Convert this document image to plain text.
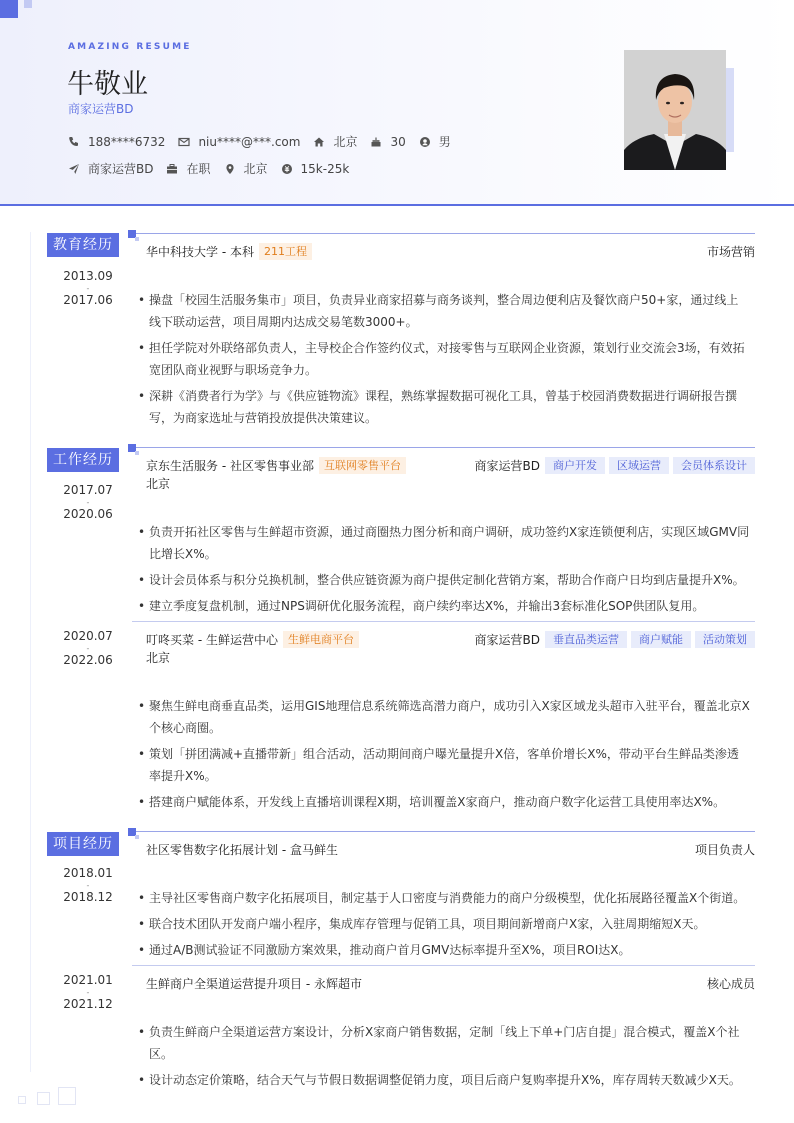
AMAZING RESUME
牛敬业
商家运营BD
188****6732	niu****@***.com	北京	30	男
商家运营BD	在职	北京	15k-25k
教育经历
2013.09
-
2017.06
华中科技大学 - 本科 211工程	市场营销
• 操盘「校园生活服务集市」项目，负责异业商家招募与商务谈判，整合周边便利店及餐饮商户50+家，通过线上线下联动运营，项目周期内达成交易笔数3000+。
• 担任学院对外联络部负责人，主导校企合作签约仪式，对接零售与互联网企业资源，策划行业交流会3场，有效拓宽团队商业视野与职场竞争力。
• 深耕《消费者行为学》与《供应链物流》课程，熟练掌握数据可视化工具，曾基于校园消费数据进行调研报告撰写，为商家选址与营销投放提供决策建议。
工作经历
2017.07
-
2020.06
京东生活服务 - 社区零售事业部 互联网零售平台	商家运营BD	商户开发	区域运营	会员体系设计
北京
• 负责开拓社区零售与生鲜超市资源，通过商圈热力图分析和商户调研，成功签约X家连锁便利店，实现区域GMV同比增长X%。
• 设计会员体系与积分兑换机制，整合供应链资源为商户提供定制化营销方案，帮助合作商户日均到店量提升X%。
• 建立季度复盘机制，通过NPS调研优化服务流程，商户续约率达X%，并输出3套标准化SOP供团队复用。
2020.07
-
2022.06
叮咚买菜 - 生鲜运营中心 生鲜电商平台	商家运营BD	垂直品类运营	商户赋能	活动策划
北京
• 聚焦生鲜电商垂直品类，运用GIS地理信息系统筛选高潜力商户，成功引入X家区域龙头超市入驻平台，覆盖北京X个核心商圈。
• 策划「拼团满减+直播带新」组合活动，活动期间商户曝光量提升X倍，客单价增长X%，带动平台生鲜品类渗透率提升X%。
• 搭建商户赋能体系，开发线上直播培训课程X期，培训覆盖X家商户，推动商户数字化运营工具使用率达X%。
项目经历
2018.01
-
2018.12
社区零售数字化拓展计划 - 盒马鲜生	项目负责人
• 主导社区零售商户数字化拓展项目，制定基于人口密度与消费能力的商户分级模型，优化拓展路径覆盖X个街道。
• 联合技术团队开发商户端小程序，集成库存管理与促销工具，项目期间新增商户X家，入驻周期缩短X天。
• 通过A/B测试验证不同激励方案效果，推动商户首月GMV达标率提升至X%，项目ROI达X。
2021.01
-
2021.12
生鲜商户全渠道运营提升项目 - 永辉超市	核心成员
• 负责生鲜商户全渠道运营方案设计，分析X家商户销售数据，定制「线上下单+门店自提」混合模式，覆盖X个社区。
• 设计动态定价策略，结合天气与节假日数据调整促销力度，项目后商户复购率提升X%，库存周转天数减少X天。
